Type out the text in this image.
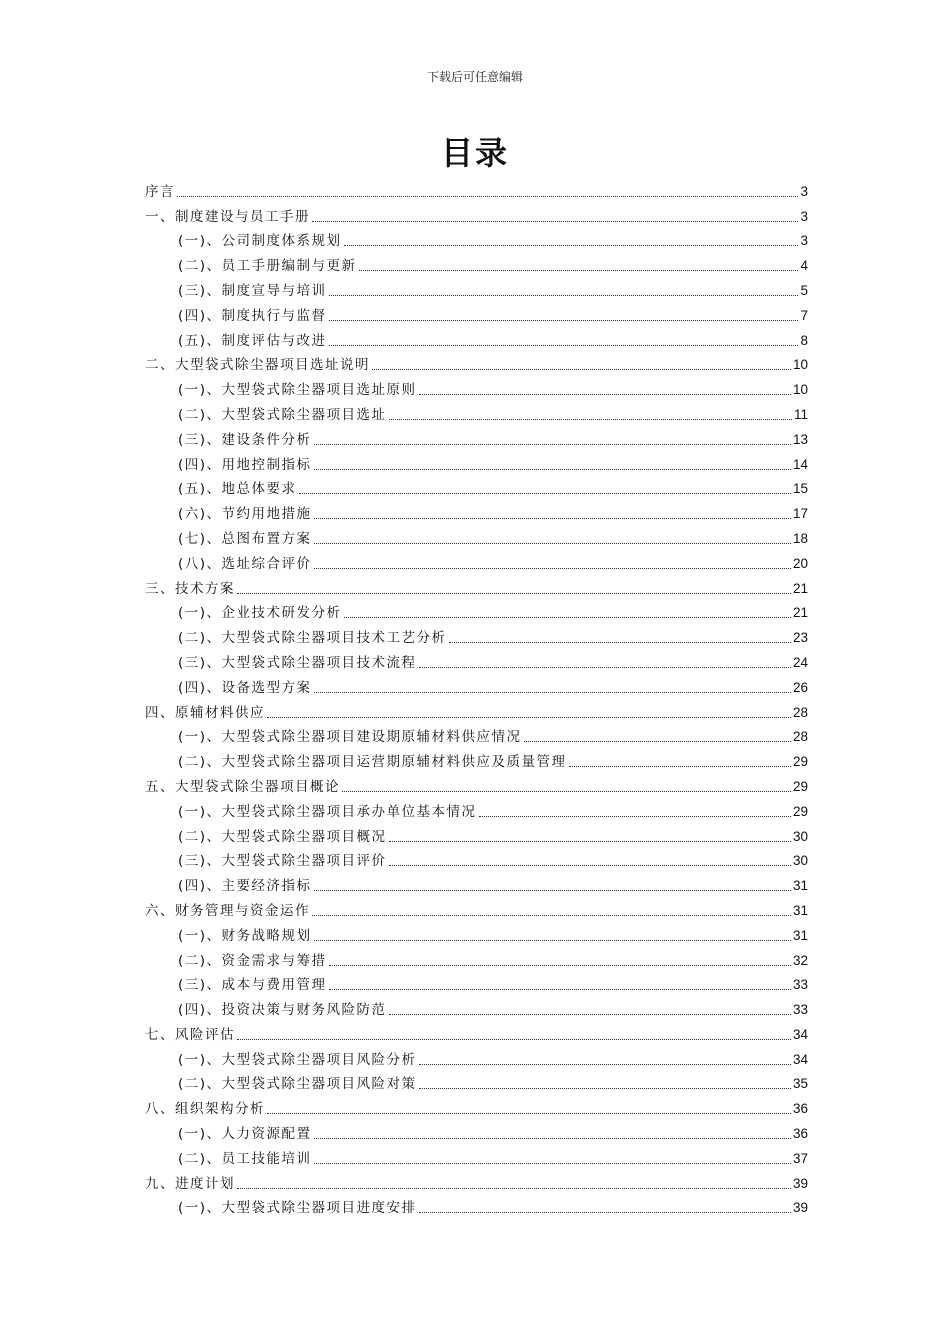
下载后可任意编辑
目录
序言	3
一、制度建设与员工手册	3
(一)、公司制度体系规划	3
(二)、员工手册编制与更新	4
(三)、制度宣导与培训	5
(四)、制度执行与监督	7
(五)、制度评估与改进	8
二、大型袋式除尘器项目选址说明	10
(一)、大型袋式除尘器项目选址原则	10
(二)、大型袋式除尘器项目选址	11
(三)、建设条件分析	13
(四)、用地控制指标	14
(五)、地总体要求	15
(六)、节约用地措施	17
(七)、总图布置方案	18
(八)、选址综合评价	20
三、技术方案	21
(一)、企业技术研发分析	21
(二)、大型袋式除尘器项目技术工艺分析	23
(三)、大型袋式除尘器项目技术流程	24
(四)、设备选型方案	26
四、原辅材料供应	28
(一)、大型袋式除尘器项目建设期原辅材料供应情况	28
(二)、大型袋式除尘器项目运营期原辅材料供应及质量管理	29
五、大型袋式除尘器项目概论	29
(一)、大型袋式除尘器项目承办单位基本情况	29
(二)、大型袋式除尘器项目概况	30
(三)、大型袋式除尘器项目评价	30
(四)、主要经济指标	31
六、财务管理与资金运作	31
(一)、财务战略规划	31
(二)、资金需求与筹措	32
(三)、成本与费用管理	33
(四)、投资决策与财务风险防范	33
七、风险评估	34
(一)、大型袋式除尘器项目风险分析	34
(二)、大型袋式除尘器项目风险对策	35
八、组织架构分析	36
(一)、人力资源配置	36
(二)、员工技能培训	37
九、进度计划	39
(一)、大型袋式除尘器项目进度安排	39
